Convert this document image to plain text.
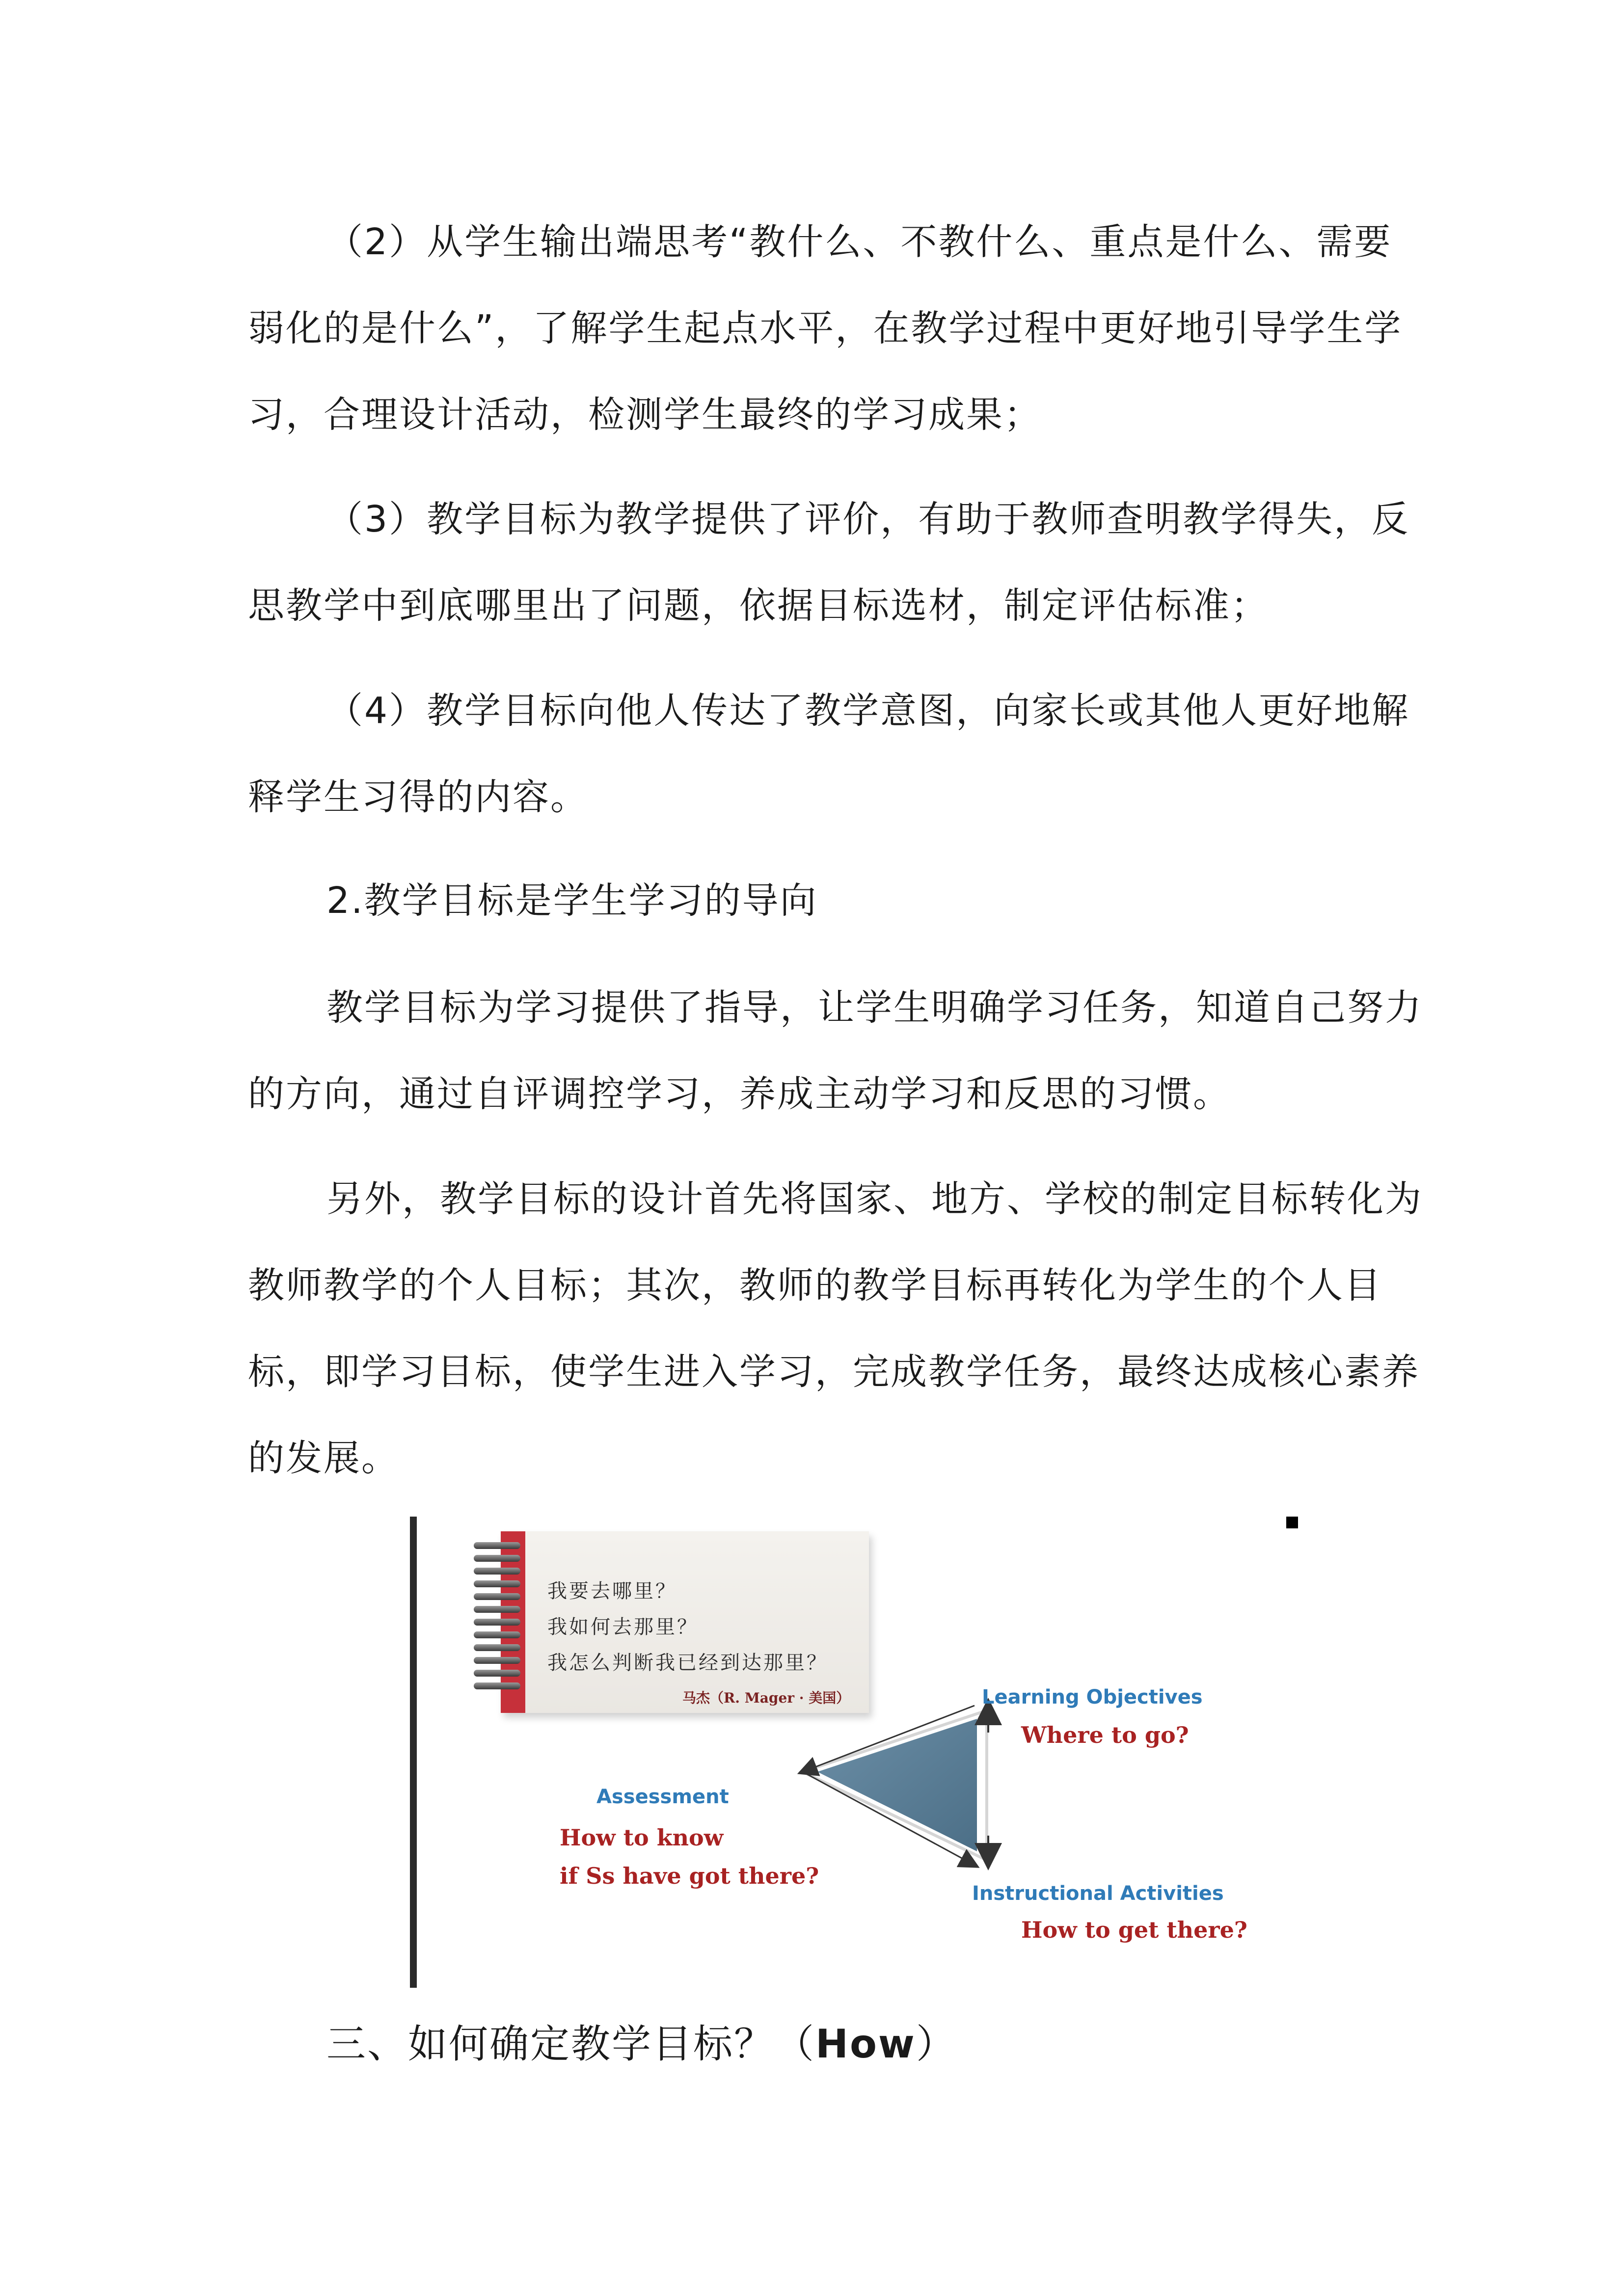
（2）从学生输出端思考“教什么、不教什么、重点是什么、需要弱化的是什么”，了解学生起点水平，在教学过程中更好地引导学生学习，合理设计活动，检测学生最终的学习成果；

（3）教学目标为教学提供了评价，有助于教师查明教学得失，反思教学中到底哪里出了问题，依据目标选材，制定评估标准；

（4）教学目标向他人传达了教学意图，向家长或其他人更好地解释学生习得的内容。

2.教学目标是学生学习的导向

教学目标为学习提供了指导，让学生明确学习任务，知道自己努力的方向，通过自评调控学习，养成主动学习和反思的习惯。

另外，教学目标的设计首先将国家、地方、学校的制定目标转化为教师教学的个人目标；其次，教师的教学目标再转化为学生的个人目标，即学习目标，使学生进入学习，完成教学任务，最终达成核心素养的发展。

我要去哪里？
我如何去那里？
我怎么判断我已经到达那里？
马杰（R. Mager · 美国）	Learning Objectives
Where to go?
Assessment
How to know
if Ss have got there?
Instructional Activities
How to get there?
三、如何确定教学目标？（How）
